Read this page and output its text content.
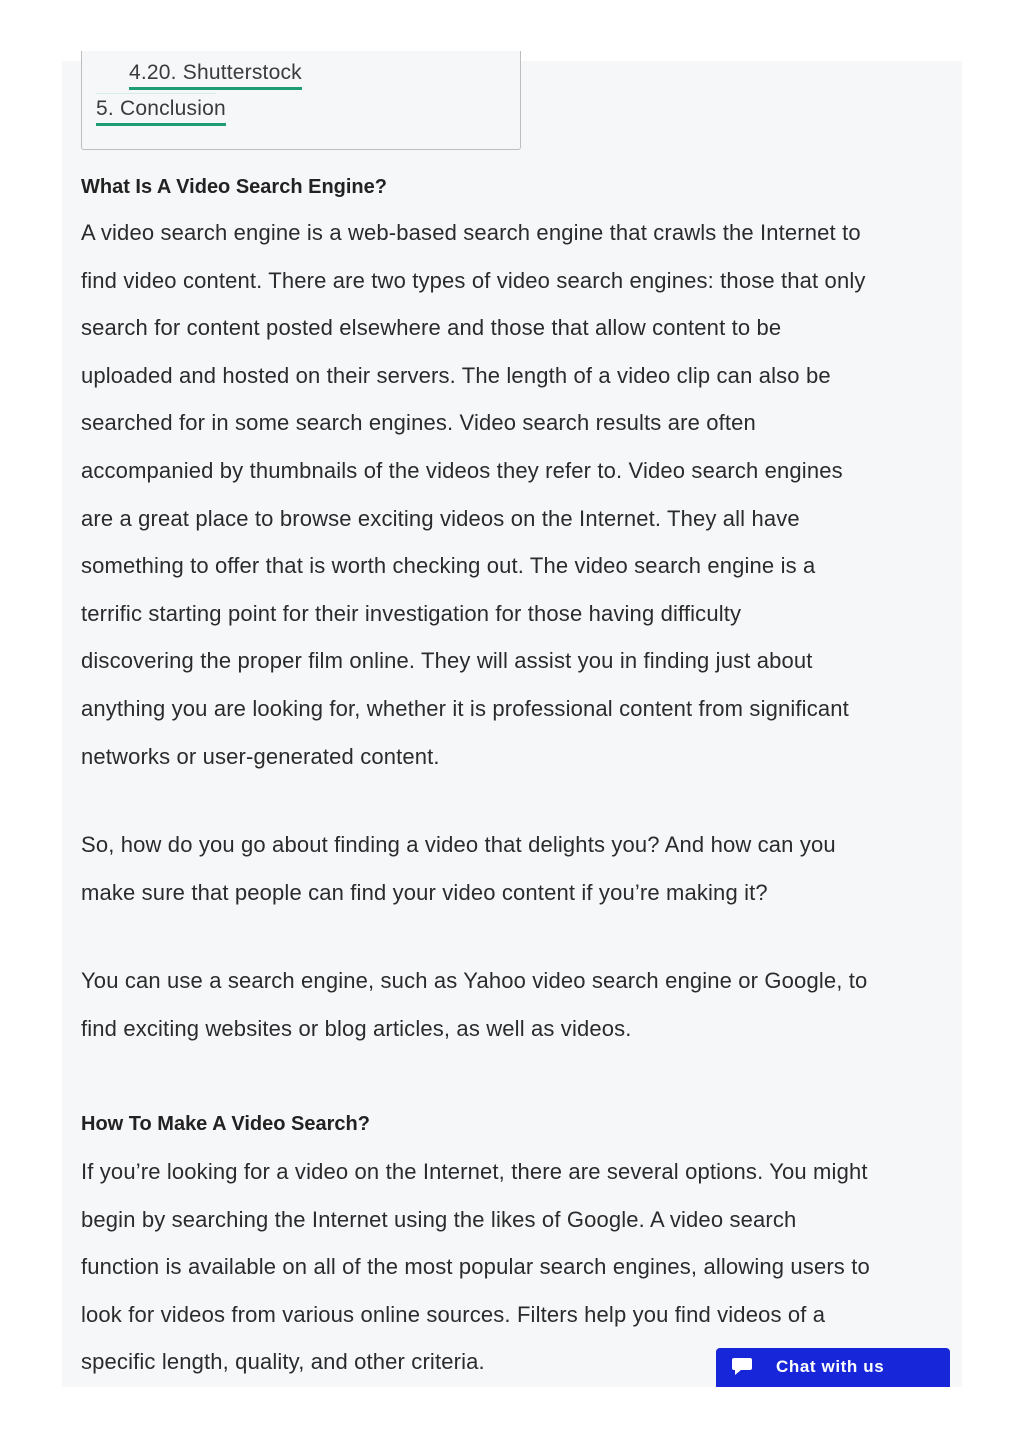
4.20. Shutterstock
5. Conclusion
What Is A Video Search Engine?

A video search engine is a web-based search engine that crawls the Internet to
find video content. There are two types of video search engines: those that only
search for content posted elsewhere and those that allow content to be
uploaded and hosted on their servers. The length of a video clip can also be
searched for in some search engines. Video search results are often
accompanied by thumbnails of the videos they refer to. Video search engines
are a great place to browse exciting videos on the Internet. They all have
something to offer that is worth checking out. The video search engine is a
terrific starting point for their investigation for those having difficulty
discovering the proper film online. They will assist you in finding just about
anything you are looking for, whether it is professional content from significant
networks or user-generated content.

So, how do you go about finding a video that delights you? And how can you
make sure that people can find your video content if you’re making it?

You can use a search engine, such as Yahoo video search engine or Google, to
find exciting websites or blog articles, as well as videos.

How To Make A Video Search?

If you’re looking for a video on the Internet, there are several options. You might
begin by searching the Internet using the likes of Google. A video search
function is available on all of the most popular search engines, allowing users to
look for videos from various online sources. Filters help you find videos of a
specific length, quality, and other criteria.	Chat with us
